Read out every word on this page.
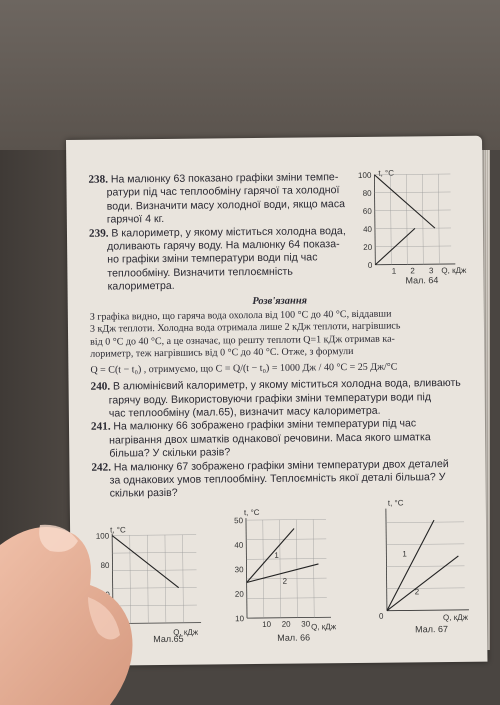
238. На малюнку 63 показано графіки зміни темпе-
ратури під час теплообміну гарячої та холодної
води. Визначити масу холодної води, якщо маса
гарячої 4 кг.

239. В калориметр, у якому міститься холодна вода,
доливають гарячу воду. На малюнку 64 показа-
но графіки зміни температури води під час
теплообміну. Визначити теплоємність
калориметра.

Розв'язання
З графіка видно, що гаряча вода охолола від 100 °С до 40 °С, віддавши
3 кДж теплоти. Холодна вода отримала лише 2 кДж теплоти, нагрівшись
від 0 °С до 40 °С, а це означає, що решту теплоти Q=1 кДж отримав ка-
лориметр, теж нагрівшись від 0 °С до 40 °С. Отже, з формули
Q = C(t − t₀) , отримуємо, що C = Q/(t − t₀) = 1000 Дж / 40 °С = 25 Дж/°С

240. В алюмінієвий калориметр, у якому міститься холодна вода, вливають
гарячу воду. Використовуючи графіки зміни температури води під
час теплообміну (мал.65), визначит масу калориметра.

241. На малюнку 66 зображено графіки зміни температури під час
нагрівання двох шматків однакової речовини. Маса якого шматка
більша? У скільки разів?

242. На малюнку 67 зображено графіки зміни температури двох деталей
за однакових умов теплообміну. Теплоємність якої деталі більша? У
скільки разів?

t, °C
100
80
60
40
20
0
1 2 3 Q, кДж
Мал. 64
t, °C
100
80
Q, кДж
Мал.65
t, °C
50
40
30
20
10
10 20 30
1
2
Q, кДж
Мал. 66
t, °C
1
2
0	Q, кДж
Мал. 67
